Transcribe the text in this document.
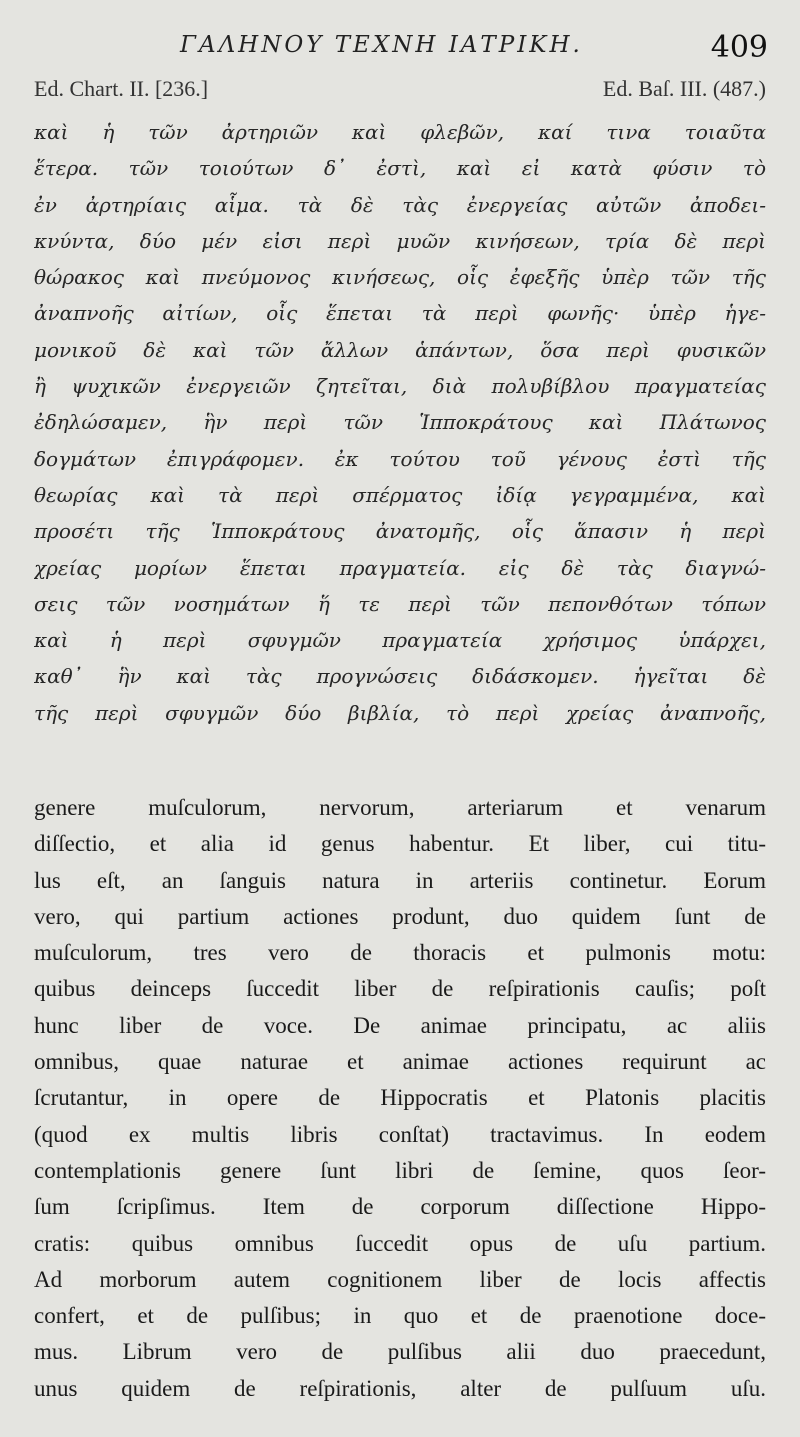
ΓΑΛΗΝΟΥ ΤΕΧΝΗ ΙΑΤΡΙΚΗ.	409
Ed. Chart. II. [236.]	Ed. Baſ. III. (487.)
καὶ ἡ τῶν ἀρτηριῶν καὶ φλεβῶν, καί τινα τοιαῦτα
ἕτερα. τῶν τοιούτων δ᾽ ἐστὶ, καὶ εἰ κατὰ φύσιν τὸ
ἐν ἀρτηρίαις αἷμα. τὰ δὲ τὰς ἐνεργείας αὐτῶν ἀποδει-
κνύντα, δύο μέν εἰσι περὶ μυῶν κινήσεων, τρία δὲ περὶ
θώρακος καὶ πνεύμονος κινήσεως, οἷς ἐφεξῆς ὑπὲρ τῶν τῆς
ἀναπνοῆς αἰτίων, οἷς ἕπεται τὰ περὶ φωνῆς· ὑπὲρ ἡγε-
μονικοῦ δὲ καὶ τῶν ἄλλων ἁπάντων, ὅσα περὶ φυσικῶν
ἢ ψυχικῶν ἐνεργειῶν ζητεῖται, διὰ πολυβίβλου πραγματείας
ἐδηλώσαμεν, ἣν περὶ τῶν Ἱπποκράτους καὶ Πλάτωνος
δογμάτων ἐπιγράφομεν. ἐκ τούτου τοῦ γένους ἐστὶ τῆς
θεωρίας καὶ τὰ περὶ σπέρματος ἰδίᾳ γεγραμμένα, καὶ
προσέτι τῆς Ἱπποκράτους ἀνατομῆς, οἷς ἅπασιν ἡ περὶ
χρείας μορίων ἕπεται πραγματεία. εἰς δὲ τὰς διαγνώ-
σεις τῶν νοσημάτων ἥ τε περὶ τῶν πεπονθότων τόπων
καὶ ἡ περὶ σφυγμῶν πραγματεία χρήσιμος ὑπάρχει,
καθ᾽ ἣν καὶ τὰς προγνώσεις διδάσκομεν. ἡγεῖται δὲ
τῆς περὶ σφυγμῶν δύο βιβλία, τὸ περὶ χρείας ἀναπνοῆς,
genere muſculorum, nervorum, arteriarum et venarum
diſſectio, et alia id genus habentur. Et liber, cui titu-
lus eſt, an ſanguis natura in arteriis continetur. Eorum
vero, qui partium actiones produnt, duo quidem ſunt de
muſculorum, tres vero de thoracis et pulmonis motu:
quibus deinceps ſuccedit liber de reſpirationis cauſis; poſt
hunc liber de voce. De animae principatu, ac aliis
omnibus, quae naturae et animae actiones requirunt ac
ſcrutantur, in opere de Hippocratis et Platonis placitis
(quod ex multis libris conſtat) tractavimus. In eodem
contemplationis genere ſunt libri de ſemine, quos ſeor-
ſum ſcripſimus. Item de corporum diſſectione Hippo-
cratis: quibus omnibus ſuccedit opus de uſu partium.
Ad morborum autem cognitionem liber de locis affectis
confert, et de pulſibus; in quo et de praenotione doce-
mus. Librum vero de pulſibus alii duo praecedunt,
unus quidem de reſpirationis, alter de pulſuum uſu.
